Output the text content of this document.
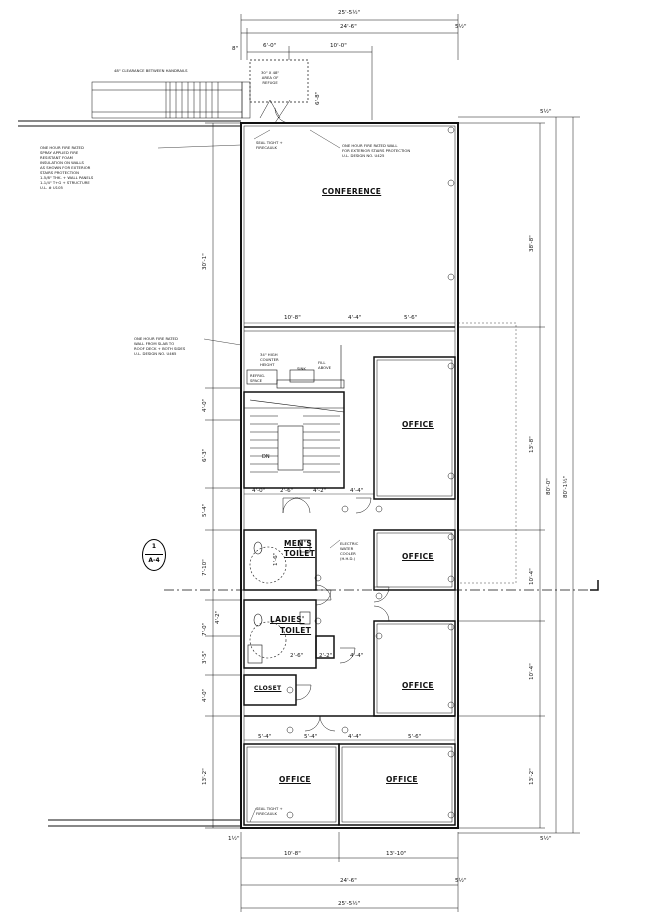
CONFERENCE
OFFICE
OFFICE
OFFICE
OFFICE	OFFICE
MEN'S
TOILET
LADIES'
TOILET
CLOSET
25'-5½"
24'-6"
8"
5½"
6'-0"	10'-0"
6'-8"
5½"
10'-8"	4'-4"	5'-6"
4'-0"	2'-6"	4'-2"	4'-4"
5'-4"	5'-4"	4'-4"	5'-6"
2'-6"	2'-2"	4'-4"
10'-8"	13'-10"
24'-6"
25'-5½"
1½"
5½"
30'-1"
4'-0"
6'-3"
5'-4"
7'-10"
4'-2"
7'-0"
3'-5"
4'-0"
13'-2"
1'-6"
38'-8"
13'-8"
10'-4"
10'-4"
13'-2"
80'-0" 80'-1½"
5½"
48" CLEARANCE BETWEEN HANDRAILS	30" X 48"
AREA OF
REFUGE
SEAL TIGHT +
FIRECAULK	ONE HOUR FIRE RATED WALL
FOR EXTERIOR STAIRS PROTECTION
U.L. DESIGN NO. U425
ONE HOUR FIRE RATED
SPRAY APPLIED FIRE
RESISTANT FOAM
INSULATION ON WALLS
AS SHOWN FOR EXTERIOR
STAIRS PROTECTION
1-5/8" THK. + WALL PANELS
1-1/4" T+G + STRUCTURE
U.L. # U105
ONE HOUR FIRE RATED
WALL FROM SLAB TO
ROOF DECK + BOTH SIDES
U.L. DESIGN NO. U465	34" HIGH
COUNTER
HEIGHT	FILL
ABOVE
SINK
REFRIG.
SPACE
ELECTRIC
WATER
COOLER
(H.H.D.)
SEAL TIGHT +
FIRECAULK
DN
1
A-4
